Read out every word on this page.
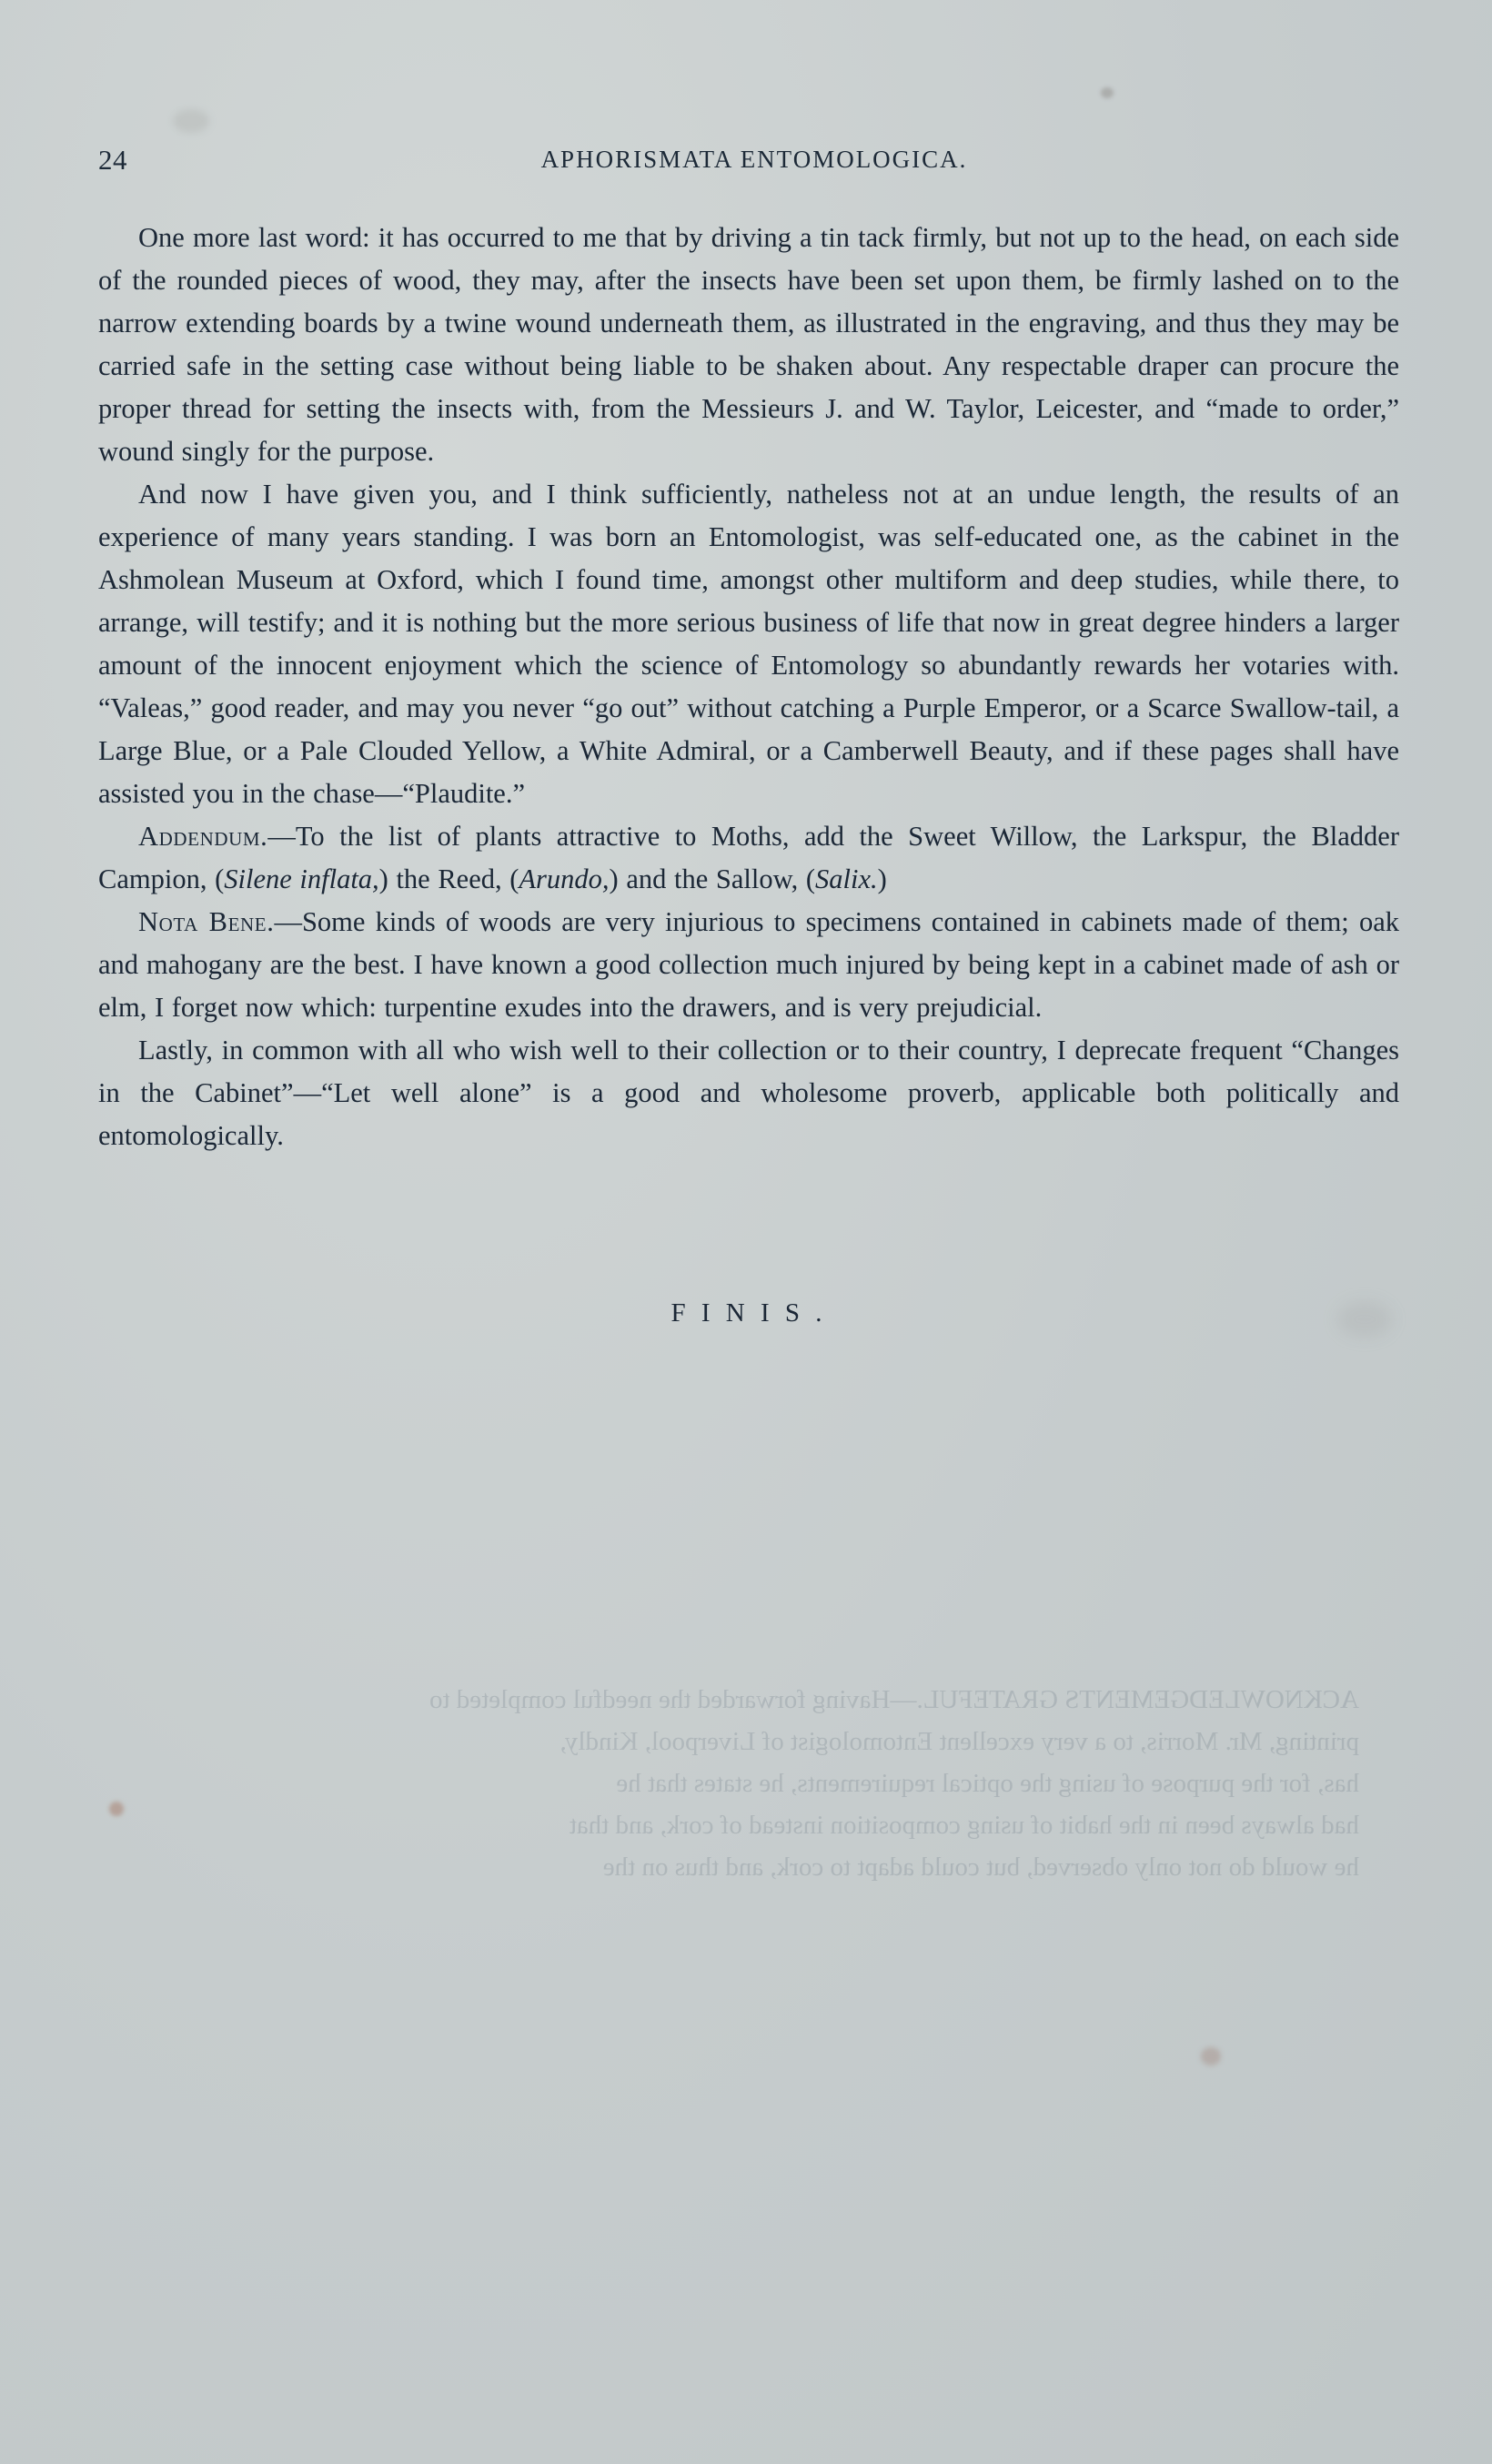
ACKNOWLEDGEMENTS GRATEFUL.—Having forwarded the needful completed to

printing, Mr. Morris, to a very excellent Entomologist of Liverpool, Kindly,

has, for the purpose of using the optical requirements, he states that he

had always been in the habit of using composition instead of cork, and that

he would do not only observed, but could adapt to cork, and thus on the

24	APHORISMATA ENTOMOLOGICA.

One more last word: it has occurred to me that by driving a tin tack firmly, but not up to the head, on each side of the rounded pieces of wood, they may, after the insects have been set upon them, be firmly lashed on to the narrow extending boards by a twine wound underneath them, as illustrated in the engraving, and thus they may be carried safe in the setting case without being liable to be shaken about. Any respectable draper can procure the proper thread for setting the insects with, from the Messieurs J. and W. Taylor, Leicester, and “made to order,” wound singly for the purpose.

And now I have given you, and I think sufficiently, natheless not at an undue length, the results of an experience of many years standing. I was born an Entomologist, was self-educated one, as the cabinet in the Ashmolean Museum at Oxford, which I found time, amongst other multiform and deep studies, while there, to arrange, will testify; and it is nothing but the more serious business of life that now in great degree hinders a larger amount of the innocent enjoyment which the science of Entomology so abundantly rewards her votaries with. “Valeas,” good reader, and may you never “go out” without catching a Purple Emperor, or a Scarce Swallow-tail, a Large Blue, or a Pale Clouded Yellow, a White Admiral, or a Camberwell Beauty, and if these pages shall have assisted you in the chase—“Plaudite.”

Addendum.—To the list of plants attractive to Moths, add the Sweet Willow, the Larkspur, the Bladder Campion, (Silene inflata,) the Reed, (Arundo,) and the Sallow, (Salix.)

Nota Bene.—Some kinds of woods are very injurious to specimens contained in cabinets made of them; oak and mahogany are the best. I have known a good collection much injured by being kept in a cabinet made of ash or elm, I forget now which: turpentine exudes into the drawers, and is very prejudicial.

Lastly, in common with all who wish well to their collection or to their country, I deprecate frequent “Changes in the Cabinet”—“Let well alone” is a good and wholesome proverb, applicable both politically and entomologically.

F I N I S .
